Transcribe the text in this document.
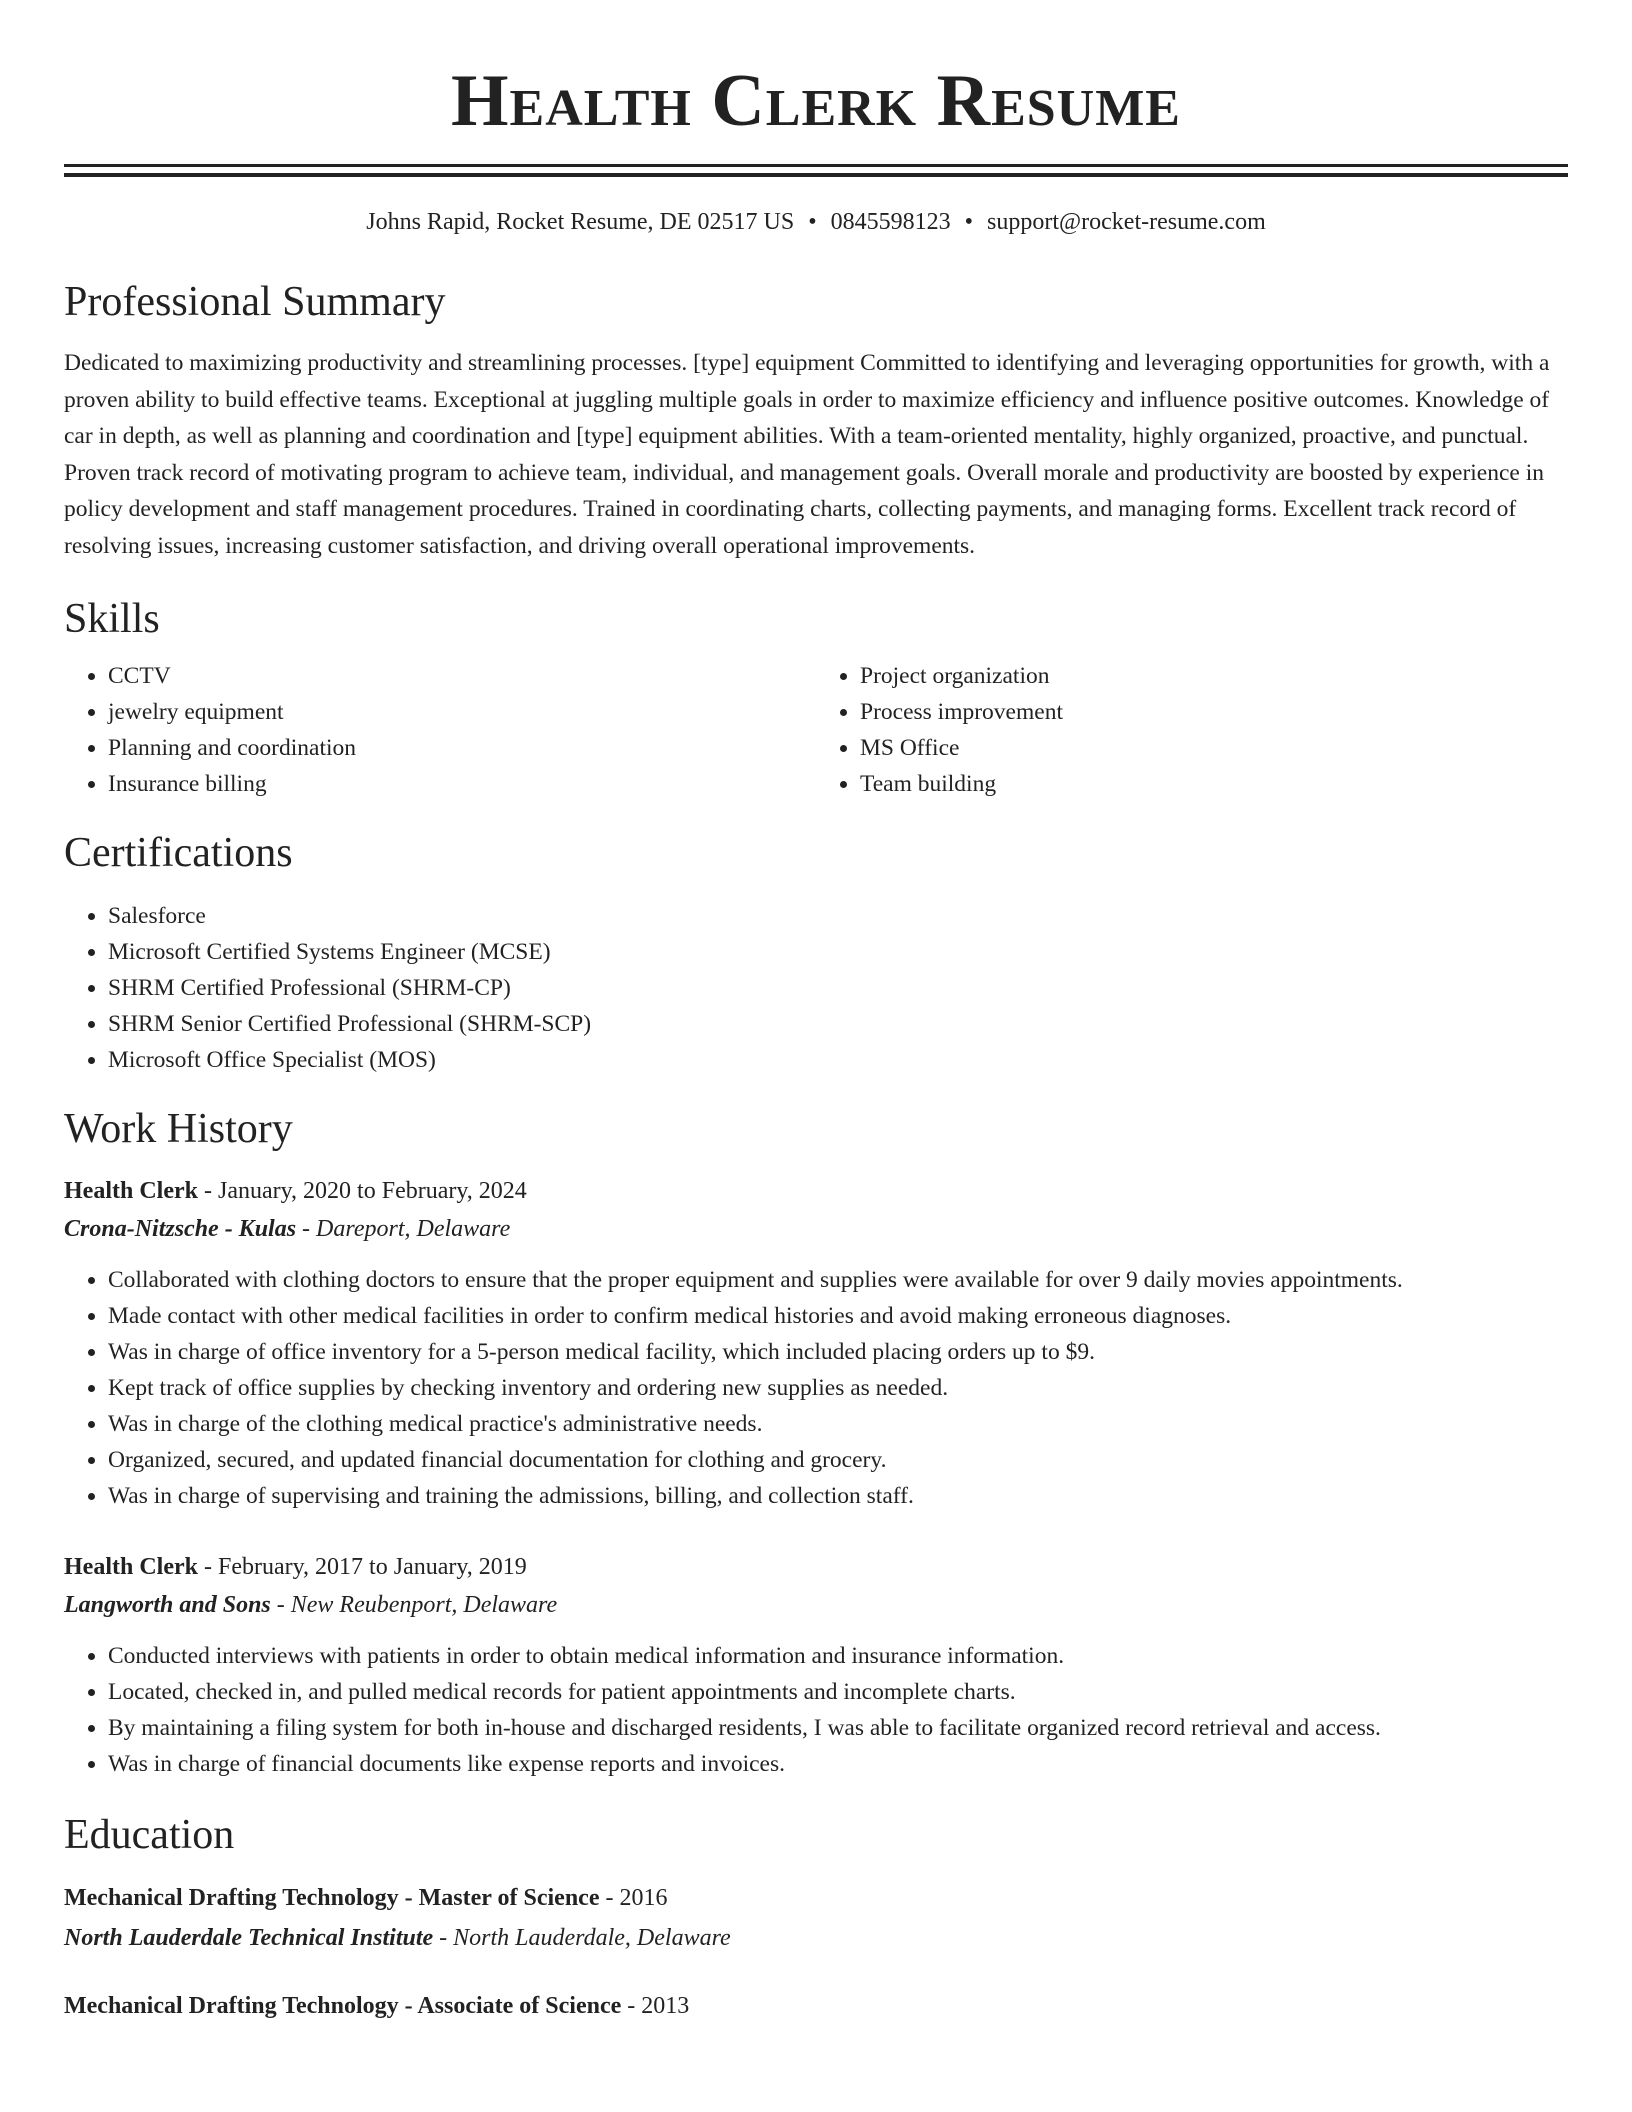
Health Clerk Resume
Johns Rapid, Rocket Resume, DE 02517 US • 0845598123 • support@rocket-resume.com
Professional Summary

Dedicated to maximizing productivity and streamlining processes. [type] equipment Committed to identifying and leveraging opportunities for growth, with a proven ability to build effective teams. Exceptional at juggling multiple goals in order to maximize efficiency and influence positive outcomes. Knowledge of car in depth, as well as planning and coordination and [type] equipment abilities. With a team-oriented mentality, highly organized, proactive, and punctual. Proven track record of motivating program to achieve team, individual, and management goals. Overall morale and productivity are boosted by experience in policy development and staff management procedures. Trained in coordinating charts, collecting payments, and managing forms. Excellent track record of resolving issues, increasing customer satisfaction, and driving overall operational improvements.

Skills
• CCTV
• jewelry equipment
• Planning and coordination
• Insurance billing
• Project organization
• Process improvement
• MS Office
• Team building
Certifications
• Salesforce
• Microsoft Certified Systems Engineer (MCSE)
• SHRM Certified Professional (SHRM-CP)
• SHRM Senior Certified Professional (SHRM-SCP)
• Microsoft Office Specialist (MOS)
Work History
Health Clerk - January, 2020 to February, 2024
Crona-Nitzsche - Kulas - Dareport, Delaware
• Collaborated with clothing doctors to ensure that the proper equipment and supplies were available for over 9 daily movies appointments.
• Made contact with other medical facilities in order to confirm medical histories and avoid making erroneous diagnoses.
• Was in charge of office inventory for a 5-person medical facility, which included placing orders up to $9.
• Kept track of office supplies by checking inventory and ordering new supplies as needed.
• Was in charge of the clothing medical practice's administrative needs.
• Organized, secured, and updated financial documentation for clothing and grocery.
• Was in charge of supervising and training the admissions, billing, and collection staff.
Health Clerk - February, 2017 to January, 2019
Langworth and Sons - New Reubenport, Delaware
• Conducted interviews with patients in order to obtain medical information and insurance information.
• Located, checked in, and pulled medical records for patient appointments and incomplete charts.
• By maintaining a filing system for both in-house and discharged residents, I was able to facilitate organized record retrieval and access.
• Was in charge of financial documents like expense reports and invoices.
Education
Mechanical Drafting Technology - Master of Science - 2016
North Lauderdale Technical Institute - North Lauderdale, Delaware
Mechanical Drafting Technology - Associate of Science - 2013
